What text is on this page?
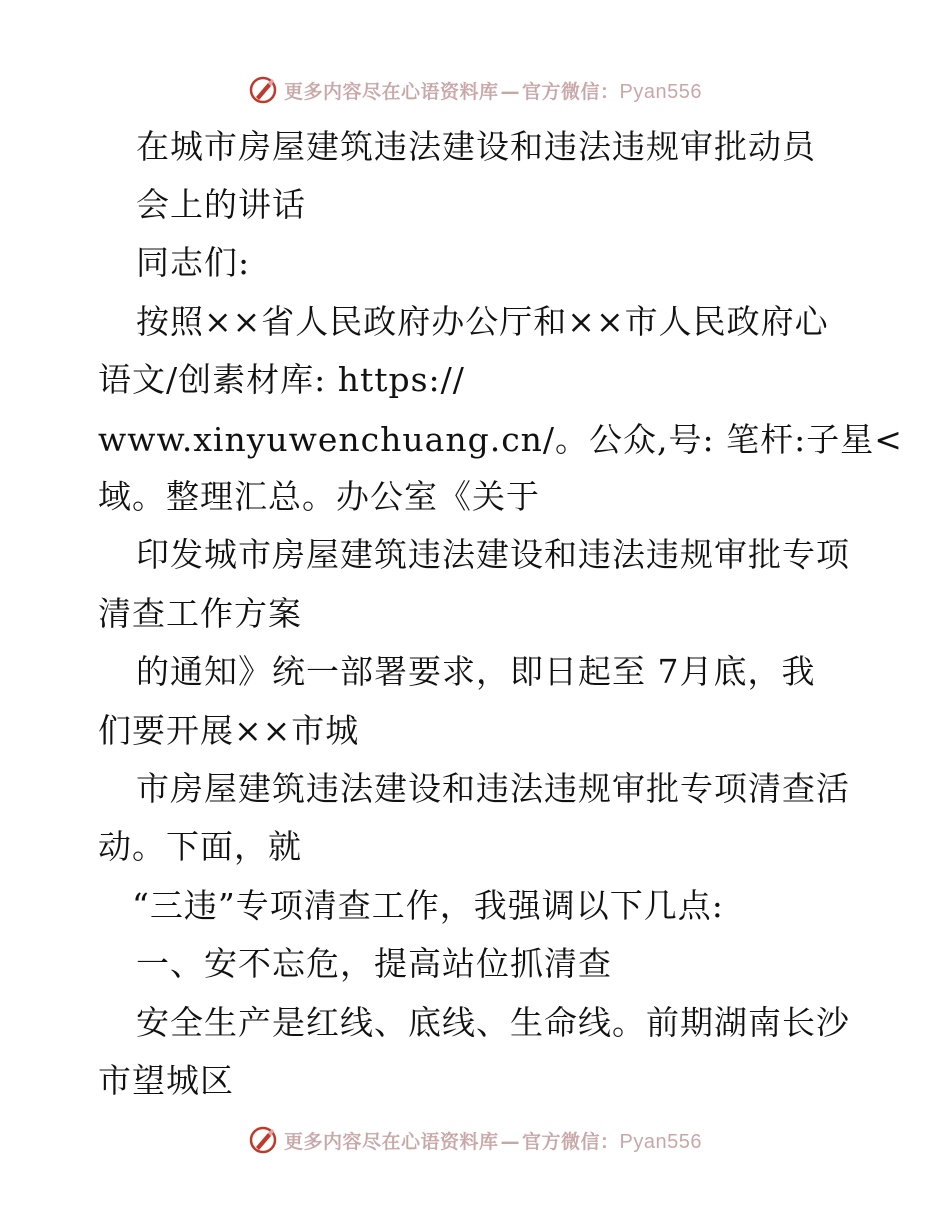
更多内容尽在心语资料库 — 官方微信：Pyan556

在城市房屋建筑违法建设和违法违规审批动员

会上的讲话

同志们:

按照××省人民政府办公厅和××市人民政府心

语文/创素材库: https://

www.xinyuwenchuang.cn/。公众,号: 笔杆:子星<

域。整理汇总。办公室《关于

印发城市房屋建筑违法建设和违法违规审批专项

清查工作方案

的通知》统一部署要求，即日起至 7月底，我

们要开展××市城

市房屋建筑违法建设和违法违规审批专项清查活

动。下面，就

“三违”专项清查工作，我强调以下几点:

一、安不忘危，提高站位抓清查

安全生产是红线、底线、生命线。前期湖南长沙

市望城区

更多内容尽在心语资料库 — 官方微信：Pyan556
